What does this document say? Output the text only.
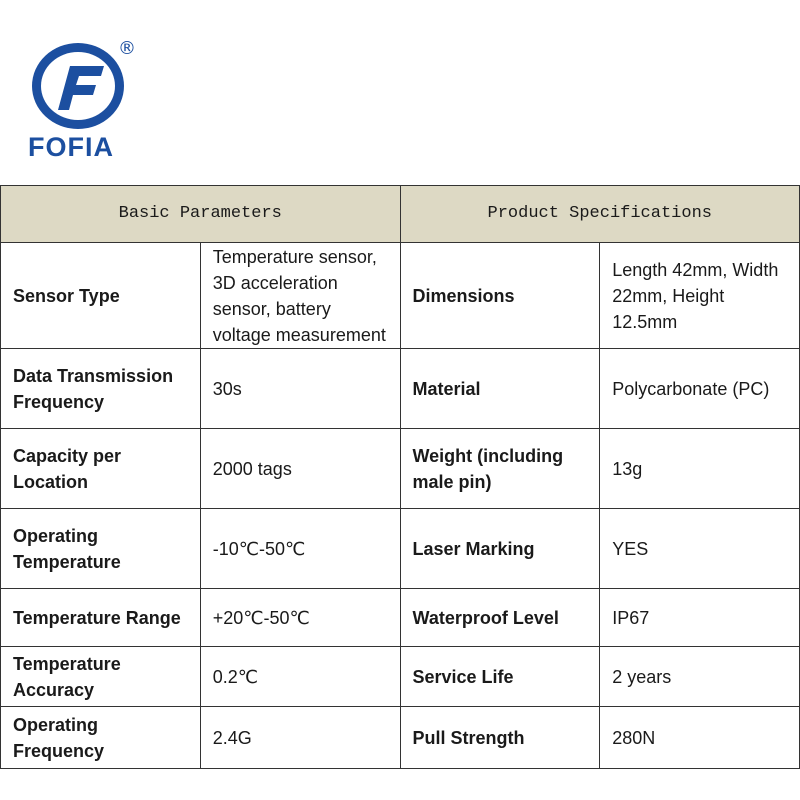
®
FOFIA
Basic Parameters		Product Specifications	
Sensor Type	Temperature sensor, 3D acceleration sensor, battery voltage measurement	Dimensions	Length 42mm, Width 22mm, Height 12.5mm
Data Transmission Frequency	30s	Material	Polycarbonate (PC)
Capacity per Location	2000 tags	Weight (including male pin)	13g
Operating Temperature	-10℃-50℃	Laser Marking	YES
Temperature Range	+20℃-50℃	Waterproof Level	IP67
Temperature Accuracy	0.2℃	Service Life	2 years
Operating Frequency	2.4G	Pull Strength	280N
